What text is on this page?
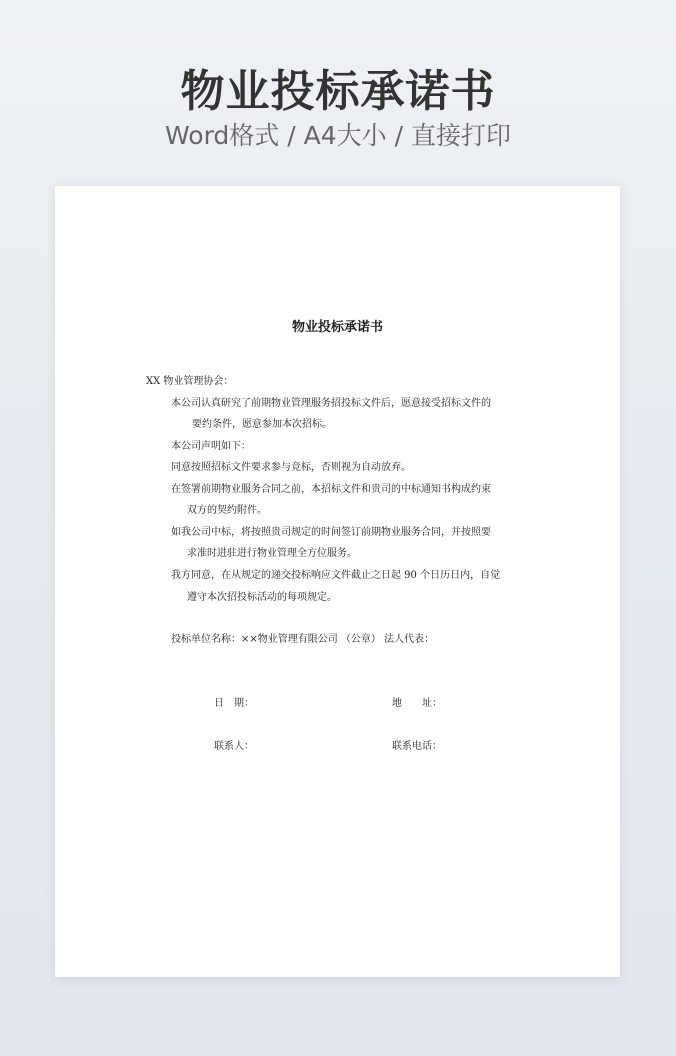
物业投标承诺书
Word格式 / A4大小 / 直接打印
物业投标承诺书
XX 物业管理协会：
本公司认真研究了前期物业管理服务招投标文件后，愿意接受招标文件的
要约条件，愿意参加本次招标。
本公司声明如下：
同意按照招标文件要求参与竞标，否则视为自动放弃。
在签署前期物业服务合同之前，本招标文件和贵司的中标通知书构成约束
双方的契约附件。
如我公司中标，将按照贵司规定的时间签订前期物业服务合同，并按照要
求准时进驻进行物业管理全方位服务。
我方同意，在从规定的递交投标响应文件截止之日起 90 个日历日内，自觉
遵守本次招投标活动的每项规定。
投标单位名称：××物业管理有限公司 （公章） 法人代表：
日　期：	地　　址：
联系人：	联系电话：
